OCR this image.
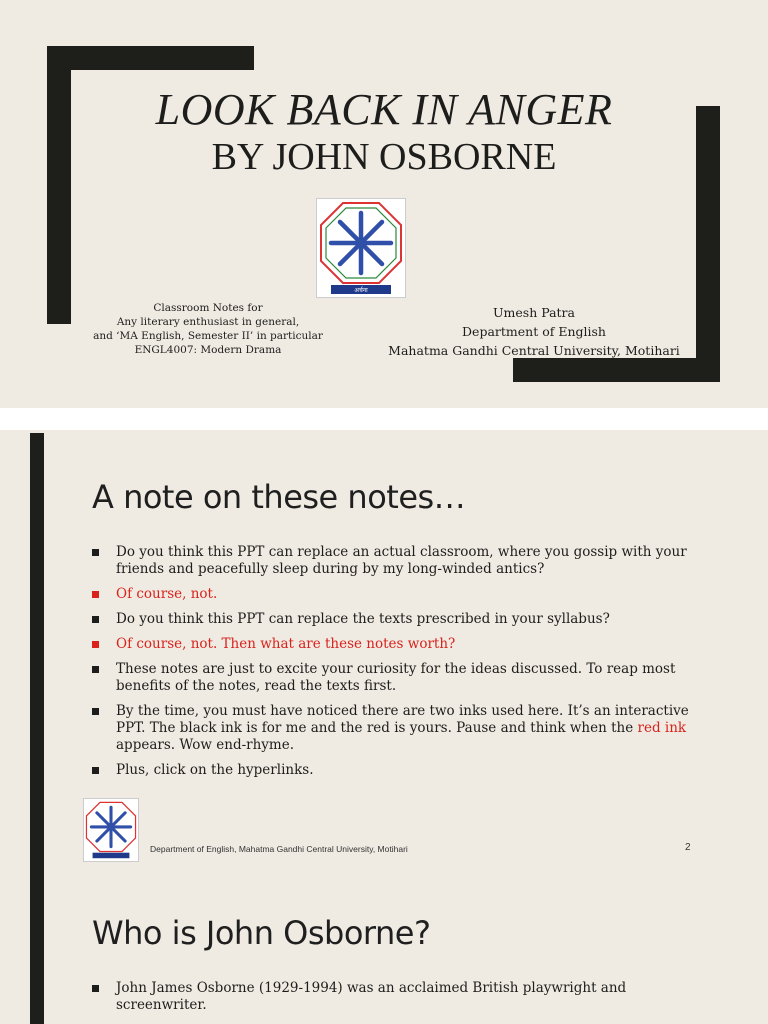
LOOK BACK IN ANGER
BY JOHN OSBORNE
अर्चना
Classroom Notes for
Any literary enthusiast in general,
and ‘MA English, Semester II’ in particular
ENGL4007: Modern Drama
Umesh Patra
Department of English
Mahatma Gandhi Central University, Motihari
A note on these notes…
Do you think this PPT can replace an actual classroom, where you gossip with your friends and peacefully sleep during by my long-winded antics?
Of course, not.
Do you think this PPT can replace the texts prescribed in your syllabus?
Of course, not. Then what are these notes worth?
These notes are just to excite your curiosity for the ideas discussed. To reap most benefits of the notes, read the texts first.
By the time, you must have noticed there are two inks used here. It’s an interactive PPT. The black ink is for me and the red is yours. Pause and think when the red ink appears. Wow end-rhyme.
Plus, click on the hyperlinks.
Department of English, Mahatma Gandhi Central University, Motihari	2
Who is John Osborne?
John James Osborne (1929-1994) was an acclaimed British playwright and screenwriter.
